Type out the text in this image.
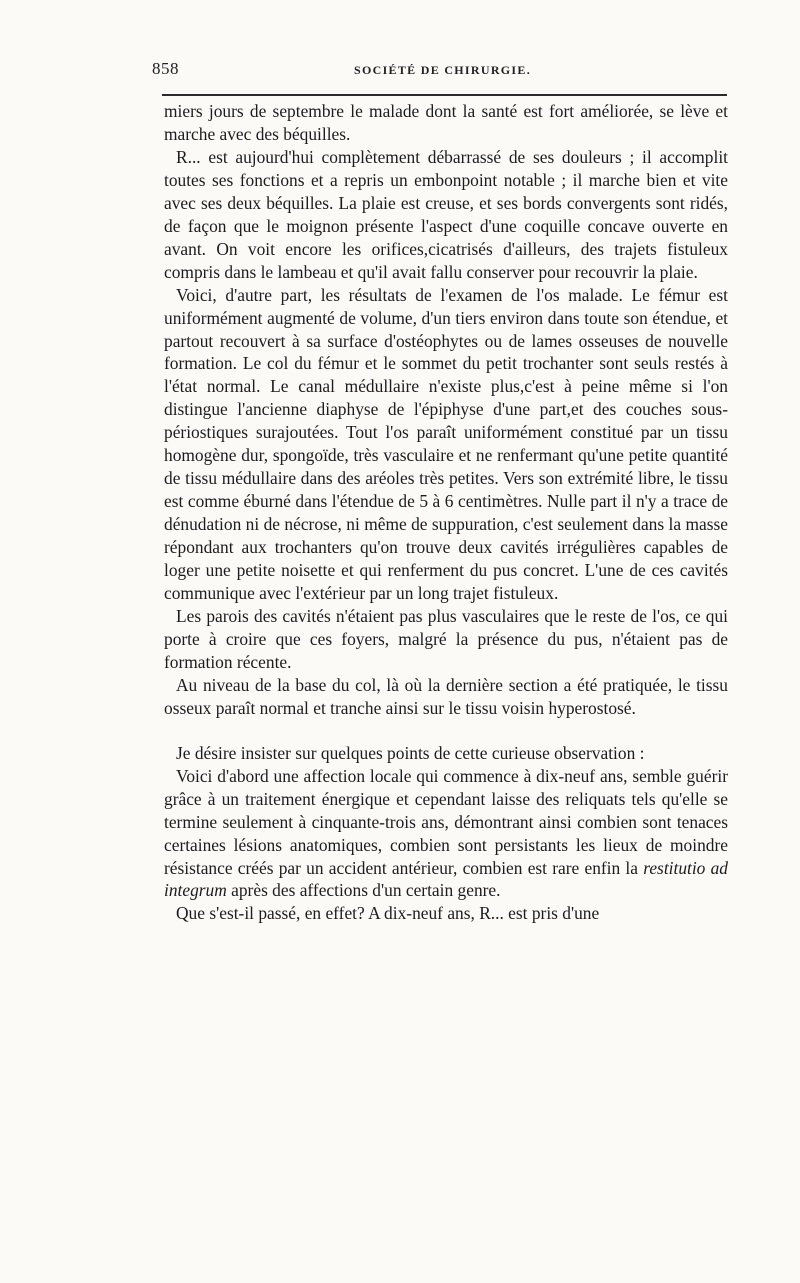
858	SOCIÉTÉ DE CHIRURGIE.

miers jours de septembre le malade dont la santé est fort améliorée, se lève et marche avec des béquilles.

R... est aujourd'hui complètement débarrassé de ses douleurs ; il accomplit toutes ses fonctions et a repris un embonpoint notable ; il marche bien et vite avec ses deux béquilles. La plaie est creuse, et ses bords convergents sont ridés, de façon que le moignon présente l'aspect d'une coquille concave ouverte en avant. On voit encore les orifices,cicatrisés d'ailleurs, des trajets fistuleux compris dans le lambeau et qu'il avait fallu conserver pour recouvrir la plaie.

Voici, d'autre part, les résultats de l'examen de l'os malade. Le fémur est uniformément augmenté de volume, d'un tiers environ dans toute son étendue, et partout recouvert à sa surface d'ostéophytes ou de lames osseuses de nouvelle formation. Le col du fémur et le sommet du petit trochanter sont seuls restés à l'état normal. Le canal médullaire n'existe plus,c'est à peine même si l'on distingue l'ancienne diaphyse de l'épiphyse d'une part,et des couches sous-périostiques surajoutées. Tout l'os paraît uniformément constitué par un tissu homogène dur, spongoïde, très vasculaire et ne renfermant qu'une petite quantité de tissu médullaire dans des aréoles très petites. Vers son extrémité libre, le tissu est comme éburné dans l'étendue de 5 à 6 centimètres. Nulle part il n'y a trace de dénudation ni de nécrose, ni même de suppuration, c'est seulement dans la masse répondant aux trochanters qu'on trouve deux cavités irrégulières capables de loger une petite noisette et qui renferment du pus concret. L'une de ces cavités communique avec l'extérieur par un long trajet fistuleux.

Les parois des cavités n'étaient pas plus vasculaires que le reste de l'os, ce qui porte à croire que ces foyers, malgré la présence du pus, n'étaient pas de formation récente.

Au niveau de la base du col, là où la dernière section a été pratiquée, le tissu osseux paraît normal et tranche ainsi sur le tissu voisin hyperostosé.

Je désire insister sur quelques points de cette curieuse observation :

Voici d'abord une affection locale qui commence à dix-neuf ans, semble guérir grâce à un traitement énergique et cependant laisse des reliquats tels qu'elle se termine seulement à cinquante-trois ans, démontrant ainsi combien sont tenaces certaines lésions anatomiques, combien sont persistants les lieux de moindre résistance créés par un accident antérieur, combien est rare enfin la restitutio ad integrum après des affections d'un certain genre.

Que s'est-il passé, en effet? A dix-neuf ans, R... est pris d'une
